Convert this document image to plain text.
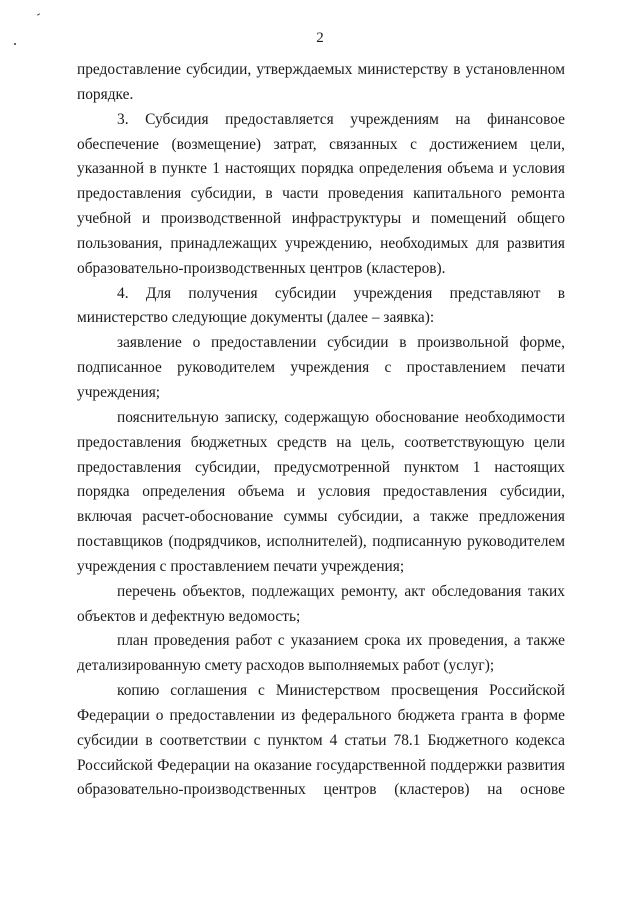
2

предоставление субсидии, утверждаемых министерству в установленном порядке.

3. Субсидия предоставляется учреждениям на финансовое обеспечение (возмещение) затрат, связанных с достижением цели, указанной в пункте 1 настоящих порядка определения объема и условия предоставления субсидии, в части проведения капитального ремонта учебной и производственной инфраструктуры и помещений общего пользования, принадлежащих учреждению, необходимых для развития образовательно-производственных центров (кластеров).

4. Для получения субсидии учреждения представляют в министерство следующие документы (далее – заявка):

заявление о предоставлении субсидии в произвольной форме, подписанное руководителем учреждения с проставлением печати учреждения;

пояснительную записку, содержащую обоснование необходимости предоставления бюджетных средств на цель, соответствующую цели предоставления субсидии, предусмотренной пунктом 1 настоящих порядка определения объема и условия предоставления субсидии, включая расчет-обоснование суммы субсидии, а также предложения поставщиков (подрядчиков, исполнителей), подписанную руководителем учреждения с проставлением печати учреждения;

перечень объектов, подлежащих ремонту, акт обследования таких объектов и дефектную ведомость;

план проведения работ с указанием срока их проведения, а также детализированную смету расходов выполняемых работ (услуг);

копию соглашения с Министерством просвещения Российской Федерации о предоставлении из федерального бюджета гранта в форме субсидии в соответствии с пунктом 4 статьи 78.1 Бюджетного кодекса Российской Федерации на оказание государственной поддержки развития образовательно-производственных центров (кластеров) на основе
